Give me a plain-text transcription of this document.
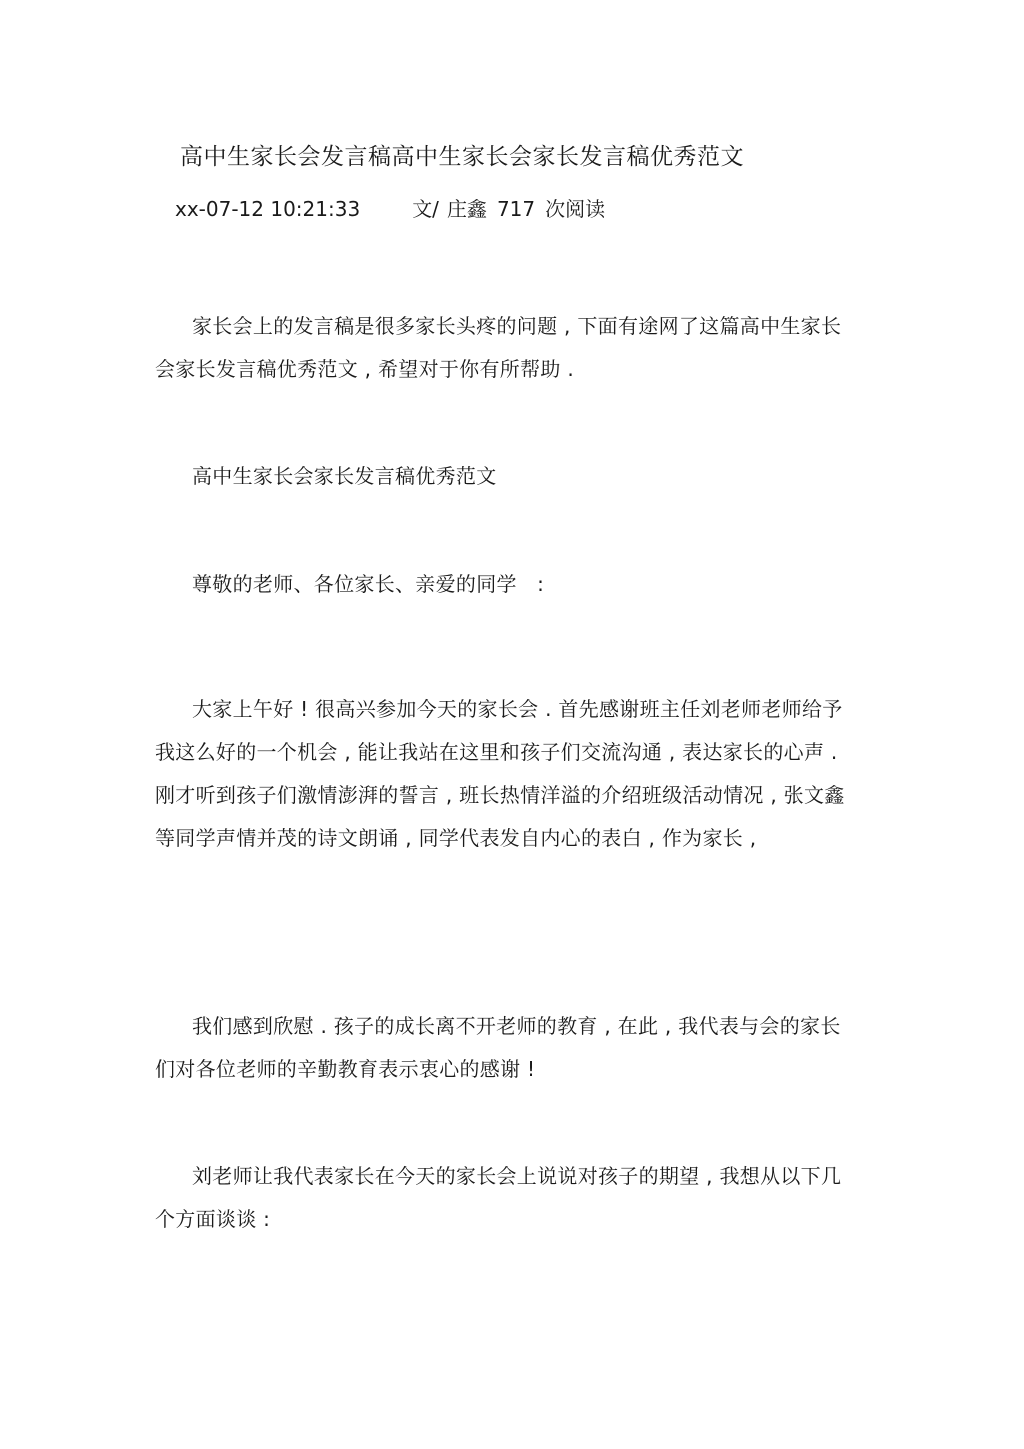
高中生家长会发言稿高中生家长会家长发言稿优秀范文
xx-07-12 10:21:33	文/ 庄鑫 717 次阅读

家长会上的发言稿是很多家长头疼的问题 , 下面有途网了这篇高中生家长会家长发言稿优秀范文 , 希望对于你有所帮助 .

高中生家长会家长发言稿优秀范文
尊敬的老师、各位家长、亲爱的同学　:

大家上午好 ! 很高兴参加今天的家长会 . 首先感谢班主任刘老师老师给予我这么好的一个机会 , 能让我站在这里和孩子们交流沟通 , 表达家长的心声 . 刚才听到孩子们激情澎湃的誓言 , 班长热情洋溢的介绍班级活动情况 , 张文鑫等同学声情并茂的诗文朗诵 , 同学代表发自内心的表白 , 作为家长 ,

我们感到欣慰 . 孩子的成长离不开老师的教育 , 在此 , 我代表与会的家长们对各位老师的辛勤教育表示衷心的感谢 !

刘老师让我代表家长在今天的家长会上说说对孩子的期望 , 我想从以下几个方面谈谈 :
